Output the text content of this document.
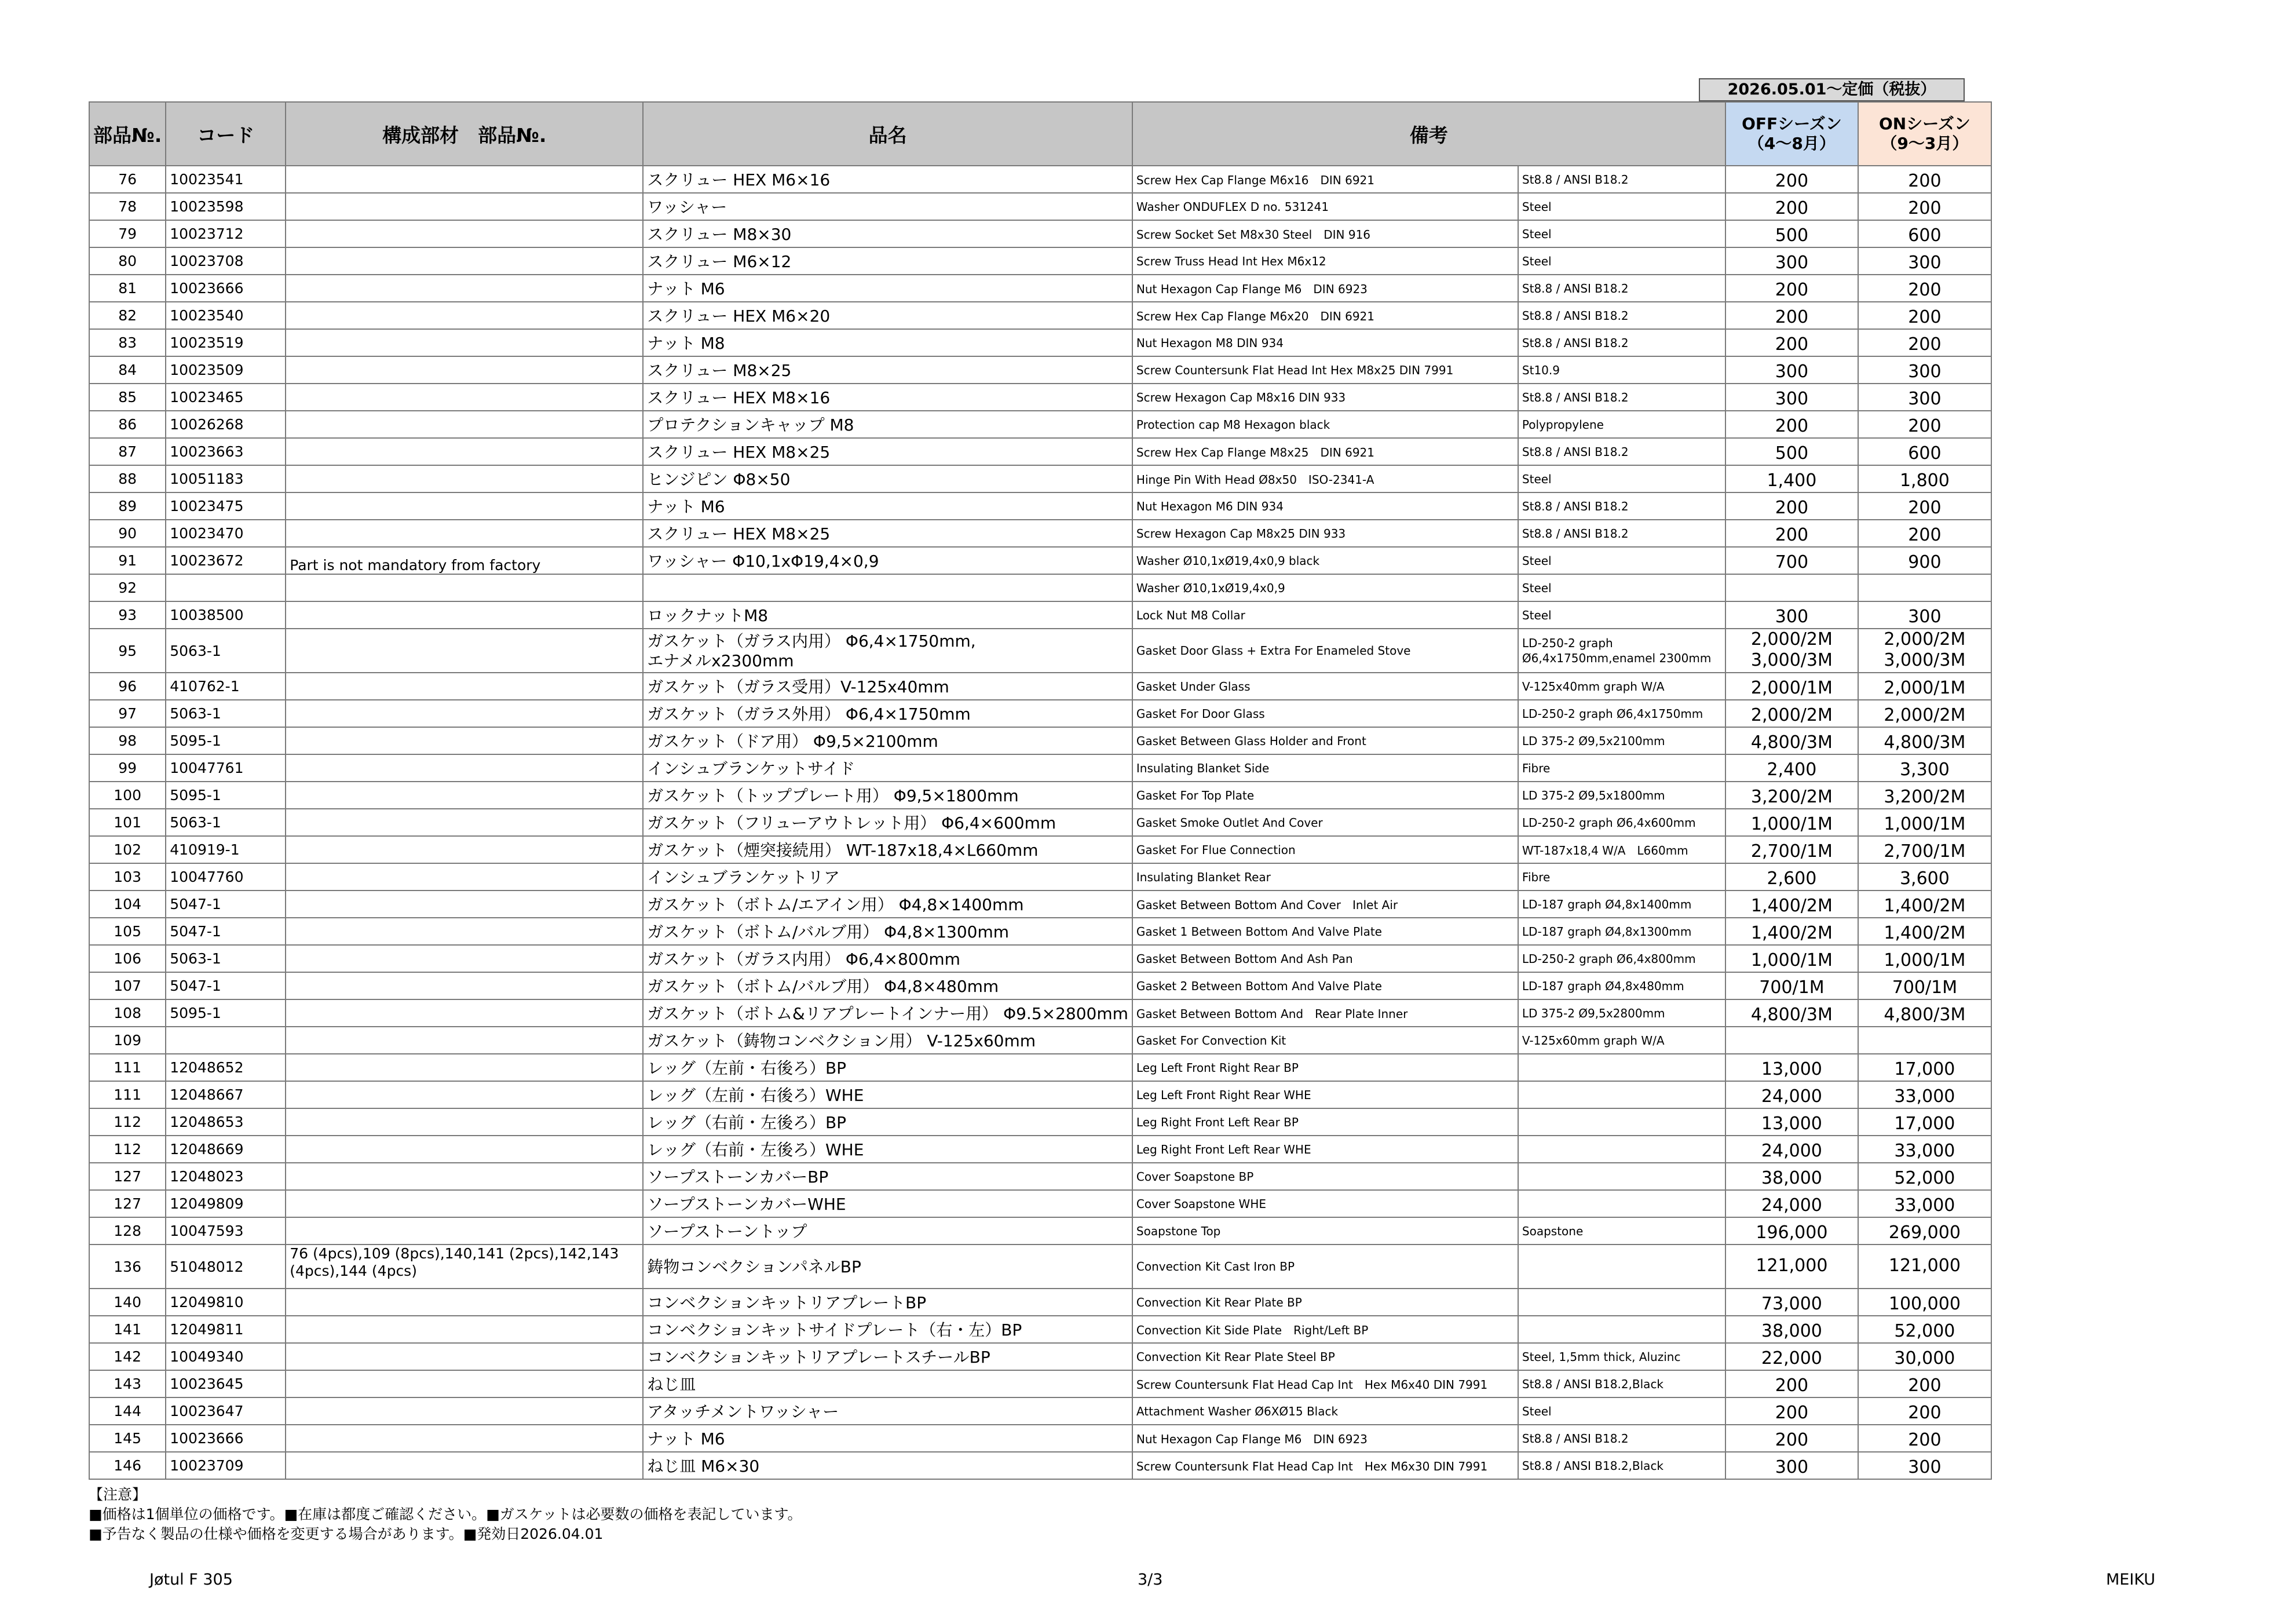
2026.05.01～定価（税抜）
部品№.	コード	構成部材　部品№.	品名	備考		OFFシーズン
（4～8月）	ONシーズン
（9～3月）
76	10023541		スクリュー HEX M6×16	Screw Hex Cap Flange M6x16　DIN 6921	St8.8 / ANSI B18.2	200	200
78	10023598		ワッシャー	Washer ONDUFLEX D no. 531241	Steel	200	200
79	10023712		スクリュー M8×30	Screw Socket Set M8x30 Steel　DIN 916	Steel	500	600
80	10023708		スクリュー M6×12	Screw Truss Head Int Hex M6x12	Steel	300	300
81	10023666		ナット M6	Nut Hexagon Cap Flange M6　DIN 6923	St8.8 / ANSI B18.2	200	200
82	10023540		スクリュー HEX M6×20	Screw Hex Cap Flange M6x20　DIN 6921	St8.8 / ANSI B18.2	200	200
83	10023519		ナット M8	Nut Hexagon M8 DIN 934	St8.8 / ANSI B18.2	200	200
84	10023509		スクリュー M8×25	Screw Countersunk Flat Head Int Hex M8x25 DIN 7991	St10.9	300	300
85	10023465		スクリュー HEX M8×16	Screw Hexagon Cap M8x16 DIN 933	St8.8 / ANSI B18.2	300	300
86	10026268		プロテクションキャップ M8	Protection cap M8 Hexagon black	Polypropylene	200	200
87	10023663		スクリュー HEX M8×25	Screw Hex Cap Flange M8x25　DIN 6921	St8.8 / ANSI B18.2	500	600
88	10051183		ヒンジピン Φ8×50	Hinge Pin With Head Ø8x50　ISO-2341-A	Steel	1,400	1,800
89	10023475		ナット M6	Nut Hexagon M6 DIN 934	St8.8 / ANSI B18.2	200	200
90	10023470		スクリュー HEX M8×25	Screw Hexagon Cap M8x25 DIN 933	St8.8 / ANSI B18.2	200	200
91	10023672	Part is not mandatory from factory	ワッシャー Φ10,1xΦ19,4×0,9	Washer Ø10,1xØ19,4x0,9 black	Steel	700	900
92				Washer Ø10,1xØ19,4x0,9	Steel		
93	10038500		ロックナットM8	Lock Nut M8 Collar	Steel	300	300
95	5063-1		ガスケット（ガラス内用） Φ6,4×1750mm,
エナメルx2300mm	Gasket Door Glass + Extra For Enameled Stove	LD-250-2 graph
Ø6,4x1750mm,enamel 2300mm	2,000/2M
3,000/3M	2,000/2M
3,000/3M
96	410762-1		ガスケット（ガラス受用）V-125x40mm	Gasket Under Glass	V-125x40mm graph W/A	2,000/1M	2,000/1M
97	5063-1		ガスケット（ガラス外用） Φ6,4×1750mm	Gasket For Door Glass	LD-250-2 graph Ø6,4x1750mm	2,000/2M	2,000/2M
98	5095-1		ガスケット（ドア用） Φ9,5×2100mm	Gasket Between Glass Holder and Front	LD 375-2 Ø9,5x2100mm	4,800/3M	4,800/3M
99	10047761		インシュブランケットサイド	Insulating Blanket Side	Fibre	2,400	3,300
100	5095-1		ガスケット（トッププレート用） Φ9,5×1800mm	Gasket For Top Plate	LD 375-2 Ø9,5x1800mm	3,200/2M	3,200/2M
101	5063-1		ガスケット（フリューアウトレット用） Φ6,4×600mm	Gasket Smoke Outlet And Cover	LD-250-2 graph Ø6,4x600mm	1,000/1M	1,000/1M
102	410919-1		ガスケット（煙突接続用） WT-187x18,4×L660mm	Gasket For Flue Connection	WT-187x18,4 W/A　L660mm	2,700/1M	2,700/1M
103	10047760		インシュブランケットリア	Insulating Blanket Rear	Fibre	2,600	3,600
104	5047-1		ガスケット（ボトム/エアイン用） Φ4,8×1400mm	Gasket Between Bottom And Cover　Inlet Air	LD-187 graph Ø4,8x1400mm	1,400/2M	1,400/2M
105	5047-1		ガスケット（ボトム/バルブ用） Φ4,8×1300mm	Gasket 1 Between Bottom And Valve Plate	LD-187 graph Ø4,8x1300mm	1,400/2M	1,400/2M
106	5063-1		ガスケット（ガラス内用） Φ6,4×800mm	Gasket Between Bottom And Ash Pan	LD-250-2 graph Ø6,4x800mm	1,000/1M	1,000/1M
107	5047-1		ガスケット（ボトム/バルブ用） Φ4,8×480mm	Gasket 2 Between Bottom And Valve Plate	LD-187 graph Ø4,8x480mm	700/1M	700/1M
108	5095-1		ガスケット（ボトム&リアプレートインナー用） Φ9.5×2800mm	Gasket Between Bottom And　Rear Plate Inner	LD 375-2 Ø9,5x2800mm	4,800/3M	4,800/3M
109			ガスケット（鋳物コンベクション用） V-125x60mm	Gasket For Convection Kit	V-125x60mm graph W/A		
111	12048652		レッグ（左前・右後ろ）BP	Leg Left Front Right Rear BP		13,000	17,000
111	12048667		レッグ（左前・右後ろ）WHE	Leg Left Front Right Rear WHE		24,000	33,000
112	12048653		レッグ（右前・左後ろ）BP	Leg Right Front Left Rear BP		13,000	17,000
112	12048669		レッグ（右前・左後ろ）WHE	Leg Right Front Left Rear WHE		24,000	33,000
127	12048023		ソープストーンカバーBP	Cover Soapstone BP		38,000	52,000
127	12049809		ソープストーンカバーWHE	Cover Soapstone WHE		24,000	33,000
128	10047593		ソープストーントップ	Soapstone Top	Soapstone	196,000	269,000
136	51048012	76 (4pcs),109 (8pcs),140,141 (2pcs),142,143 (4pcs),144 (4pcs)	鋳物コンベクションパネルBP	Convection Kit Cast Iron BP		121,000	121,000
140	12049810		コンベクションキットリアプレートBP	Convection Kit Rear Plate BP		73,000	100,000
141	12049811		コンベクションキットサイドプレート（右・左）BP	Convection Kit Side Plate　Right/Left BP		38,000	52,000
142	10049340		コンベクションキットリアプレートスチールBP	Convection Kit Rear Plate Steel BP	Steel, 1,5mm thick, Aluzinc	22,000	30,000
143	10023645		ねじ皿	Screw Countersunk Flat Head Cap Int　Hex M6x40 DIN 7991	St8.8 / ANSI B18.2,Black	200	200
144	10023647		アタッチメントワッシャー	Attachment Washer Ø6XØ15 Black	Steel	200	200
145	10023666		ナット M6	Nut Hexagon Cap Flange M6　DIN 6923	St8.8 / ANSI B18.2	200	200
146	10023709		ねじ皿 M6×30	Screw Countersunk Flat Head Cap Int　Hex M6x30 DIN 7991	St8.8 / ANSI B18.2,Black	300	300
【注意】
■価格は1個単位の価格です。■在庫は都度ご確認ください。■ガスケットは必要数の価格を表記しています。
■予告なく製品の仕様や価格を変更する場合があります。■発効日2026.04.01
Jøtul F 305	3/3	MEIKU
